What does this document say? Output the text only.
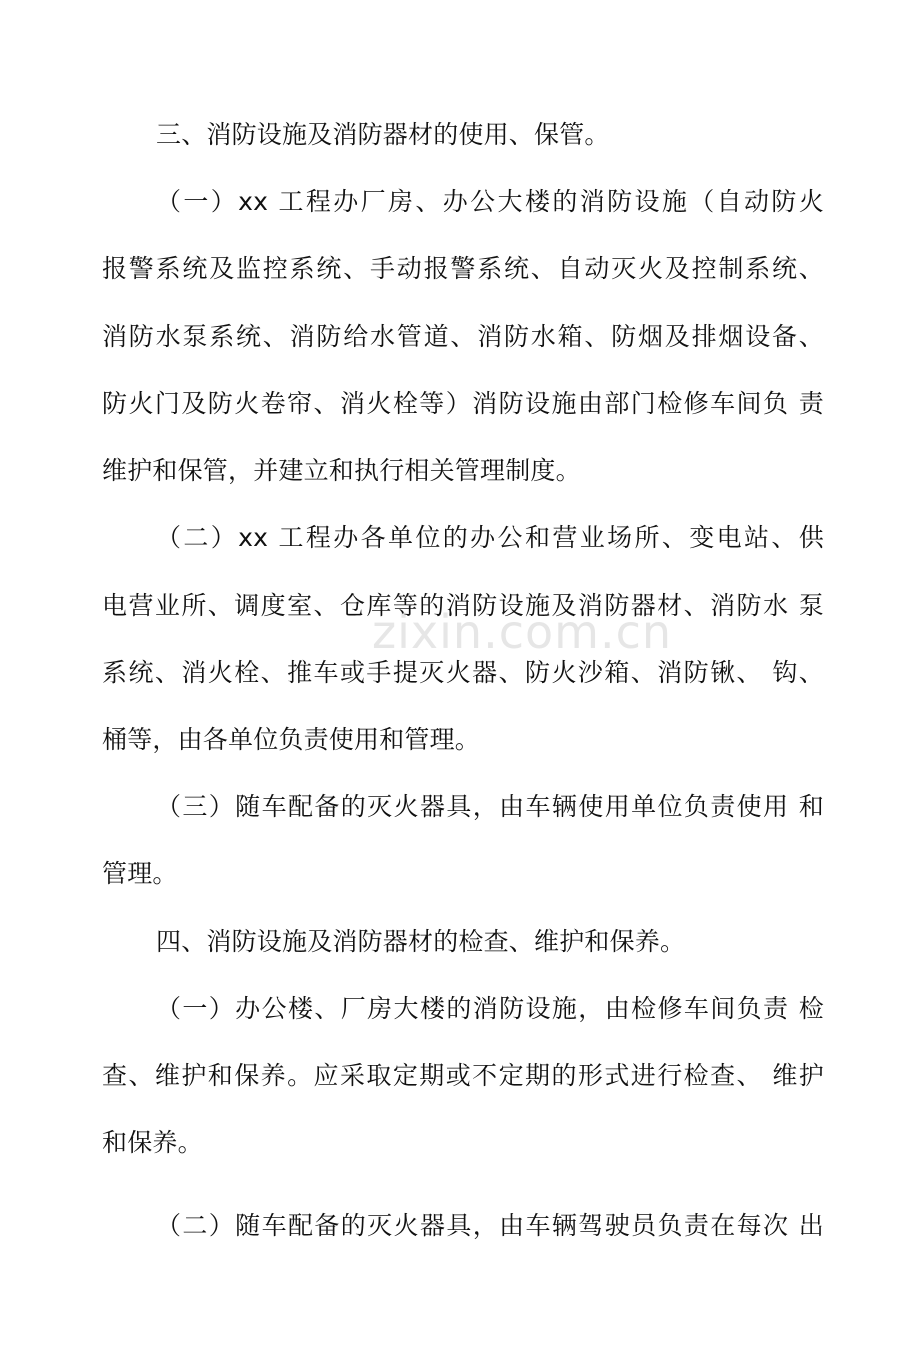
zixin.com.cn
三、消防设施及消防器材的使用、保管。
（一）xx 工程办厂房、办公大楼的消防设施（自动防火
报警系统及监控系统、手动报警系统、自动灭火及控制系统、
消防水泵系统、消防给水管道、消防水箱、防烟及排烟设备、
防火门及防火卷帘、消火栓等）消防设施由部门检修车间负 责
维护和保管，并建立和执行相关管理制度。
（二）xx 工程办各单位的办公和营业场所、变电站、供
电营业所、调度室、仓库等的消防设施及消防器材、消防水 泵
系统、消火栓、推车或手提灭火器、防火沙箱、消防锹、 钩、
桶等，由各单位负责使用和管理。
（三）随车配备的灭火器具，由车辆使用单位负责使用 和
管理。
四、消防设施及消防器材的检查、维护和保养。
（一）办公楼、厂房大楼的消防设施，由检修车间负责 检
查、维护和保养。应采取定期或不定期的形式进行检查、 维护
和保养。
（二）随车配备的灭火器具，由车辆驾驶员负责在每次 出
